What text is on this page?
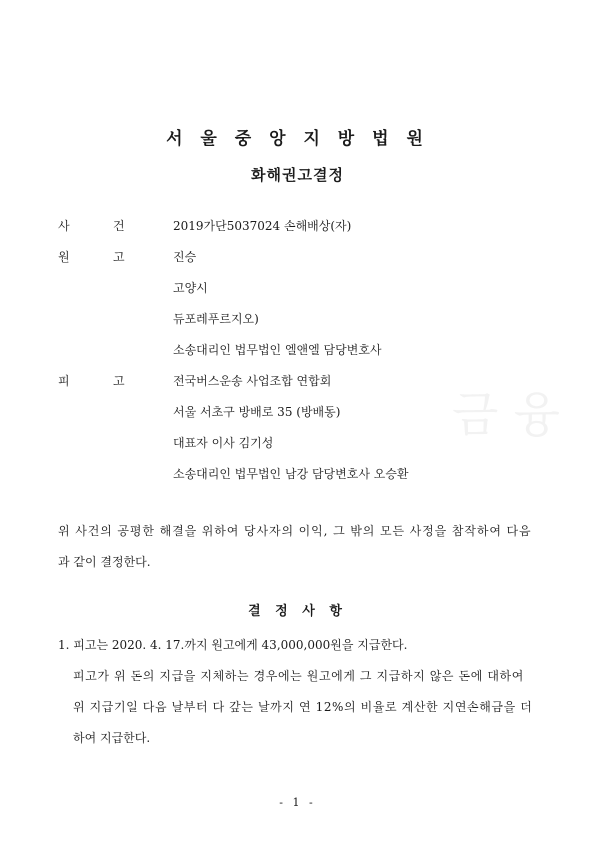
금 융
서 울 중 앙 지 방 법 원
화해권고결정
사	건	2019가단5037024 손해배상(자)
원	고	진승
고양시
듀포레푸르지오)
소송대리인 법무법인 엘앤엘 담당변호사
피	고	전국버스운송 사업조합 연합회
서울 서초구 방배로 35 (방배동)
대표자 이사 김기성
소송대리인 법무법인 남강 담당변호사 오승환
위 사건의 공평한 해결을 위하여 당사자의 이익, 그 밖의 모든 사정을 참작하여 다음
과 같이 결정한다.
결 정 사 항
1. 피고는 2020. 4. 17.까지 원고에게 43,000,000원을 지급한다.
피고가 위 돈의 지급을 지체하는 경우에는 원고에게 그 지급하지 않은 돈에 대하여
위 지급기일 다음 날부터 다 갚는 날까지 연 12%의 비율로 계산한 지연손해금을 더
하여 지급한다.
- 1 -
